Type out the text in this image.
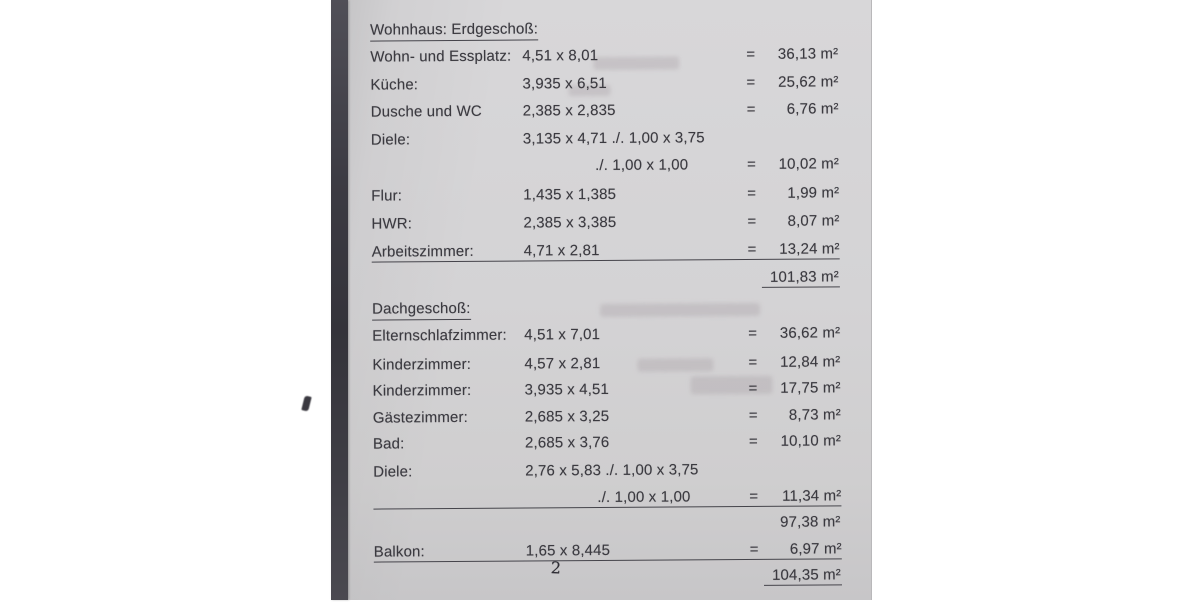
Wohnhaus: Erdgeschoß:
Wohn- und Essplatz: 4,51 x 8,01	=	36,13 m²
Küche:	3,935 x 6,51	=	25,62 m²
Dusche und WC	2,385 x 2,835	=	6,76 m²
Diele:	3,135 x 4,71 ./. 1,00 x 3,75
./. 1,00 x 1,00	=	10,02 m²
Flur:	1,435 x 1,385	=	1,99 m²
HWR:	2,385 x 3,385	=	8,07 m²
Arbeitszimmer:	4,71 x 2,81	=	13,24 m²
101,83 m²
Dachgeschoß:
Elternschlafzimmer: 4,51 x 7,01	=	36,62 m²
Kinderzimmer:	4,57 x 2,81	=	12,84 m²
Kinderzimmer:	3,935 x 4,51	=	17,75 m²
Gästezimmer:	2,685 x 3,25	=	8,73 m²
Bad:	2,685 x 3,76	=	10,10 m²
Diele:	2,76 x 5,83 ./. 1,00 x 3,75
./. 1,00 x 1,00	=	11,34 m²
97,38 m²
Balkon:	1,65 x 8,445	=	6,97 m²
2	104,35 m²
